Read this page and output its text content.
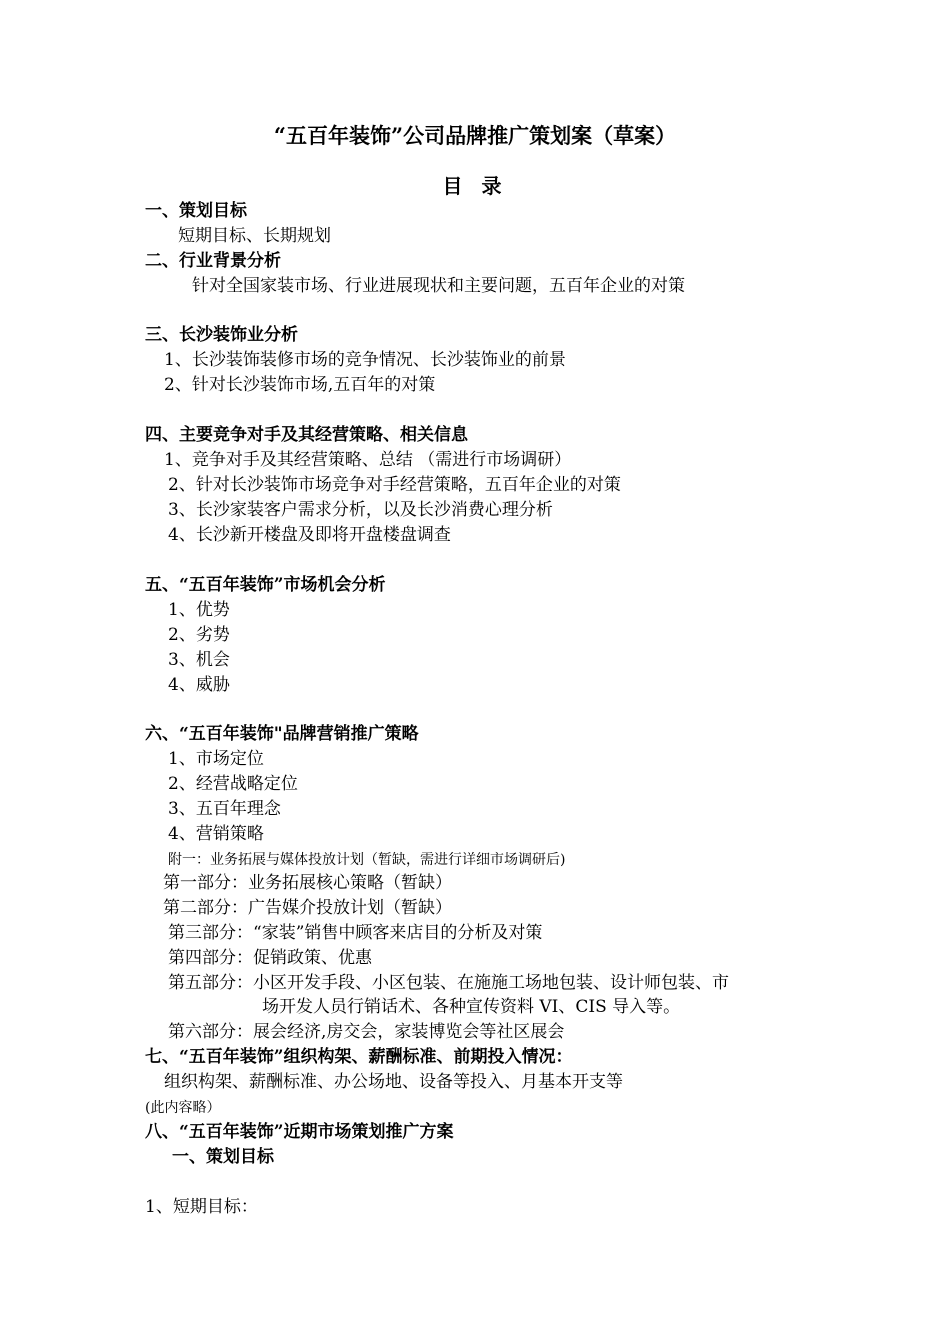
“五百年装饰”公司品牌推广策划案（草案）
目 录
一、策划目标
短期目标、长期规划
二、行业背景分析
针对全国家装市场、行业进展现状和主要问题，五百年企业的对策
三、长沙装饰业分析
1、长沙装饰装修市场的竞争情况、长沙装饰业的前景
2、针对长沙装饰市场,五百年的对策
四、主要竞争对手及其经营策略、相关信息
1、竞争对手及其经营策略、总结 （需进行市场调研）
2、针对长沙装饰市场竞争对手经营策略，五百年企业的对策
3、长沙家装客户需求分析，以及长沙消费心理分析
4、长沙新开楼盘及即将开盘楼盘调查
五、“五百年装饰”市场机会分析
1、优势
2、劣势
3、机会
4、威胁
六、“五百年装饰"品牌营销推广策略
1、市场定位
2、经营战略定位
3、五百年理念
4、营销策略
附一：业务拓展与媒体投放计划（暂缺，需进行详细市场调研后)
第一部分：业务拓展核心策略（暂缺）
第二部分：广告媒介投放计划（暂缺）
第三部分：“家装”销售中顾客来店目的分析及对策
第四部分：促销政策、优惠
第五部分：小区开发手段、小区包装、在施施工场地包装、设计师包装、市
场开发人员行销话术、各种宣传资料 VI、CIS 导入等。
第六部分：展会经济,房交会，家装博览会等社区展会
七、“五百年装饰”组织构架、薪酬标准、前期投入情况：
组织构架、薪酬标准、办公场地、设备等投入、月基本开支等
(此内容略）
八、“五百年装饰”近期市场策划推广方案
一、策划目标
1、短期目标：
